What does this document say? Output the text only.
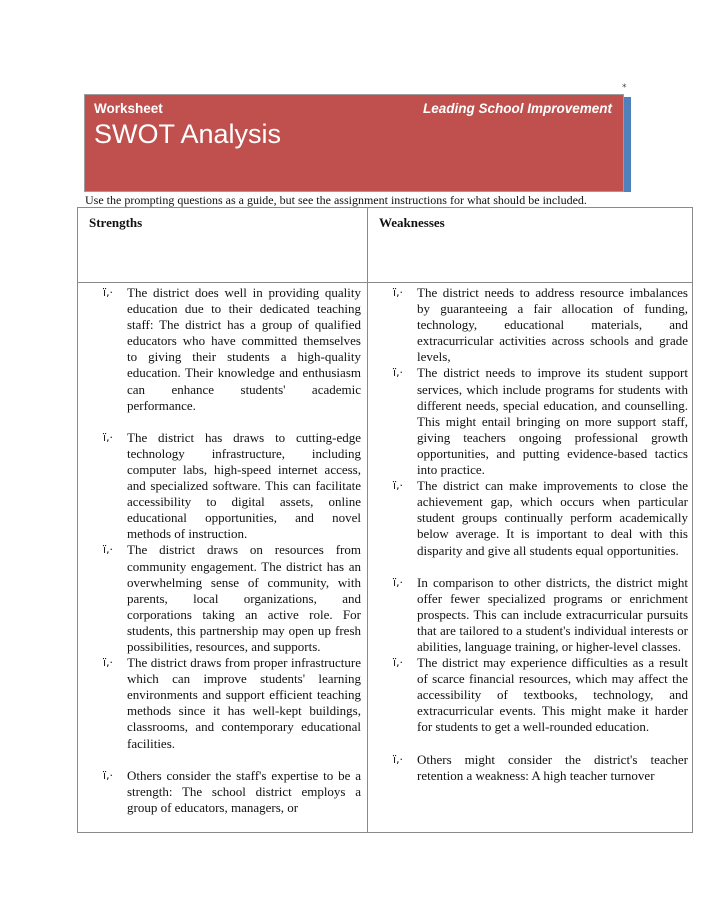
*
Worksheet	Leading School Improvement
SWOT Analysis
Use the prompting questions as a guide, but see the assignment instructions for what should be included.
Strengths	Weaknesses
ï‚· The district does well in providing quality education due to their dedicated teaching staff: The district has a group of qualified educators who have committed themselves to giving their students a high-quality education. Their knowledge and enthusiasm can enhance students' academic performance.
ï‚· The district has draws to cutting-edge technology infrastructure, including computer labs, high-speed internet access, and specialized software. This can facilitate accessibility to digital assets, online educational opportunities, and novel methods of instruction.
ï‚· The district draws on resources from community engagement. The district has an overwhelming sense of community, with parents, local organizations, and corporations taking an active role. For students, this partnership may open up fresh possibilities, resources, and supports.
ï‚· The district draws from proper infrastructure which can improve students' learning environments and support efficient teaching methods since it has well-kept buildings, classrooms, and contemporary educational facilities.
ï‚· Others consider the staff's expertise to be a strength: The school district employs a group of educators, managers, or
ï‚· The district needs to address resource imbalances by guaranteeing a fair allocation of funding, technology, educational materials, and extracurricular activities across schools and grade levels,
ï‚· The district needs to improve its student support services, which include programs for students with different needs, special education, and counselling. This might entail bringing on more support staff, giving teachers ongoing professional growth opportunities, and putting evidence-based tactics into practice.
ï‚· The district can make improvements to close the achievement gap, which occurs when particular student groups continually perform academically below average. It is important to deal with this disparity and give all students equal opportunities.
ï‚· In comparison to other districts, the district might offer fewer specialized programs or enrichment prospects. This can include extracurricular pursuits that are tailored to a student's individual interests or abilities, language training, or higher-level classes.
ï‚· The district may experience difficulties as a result of scarce financial resources, which may affect the accessibility of textbooks, technology, and extracurricular events. This might make it harder for students to get a well-rounded education.
ï‚· Others might consider the district's teacher retention a weakness: A high teacher turnover
